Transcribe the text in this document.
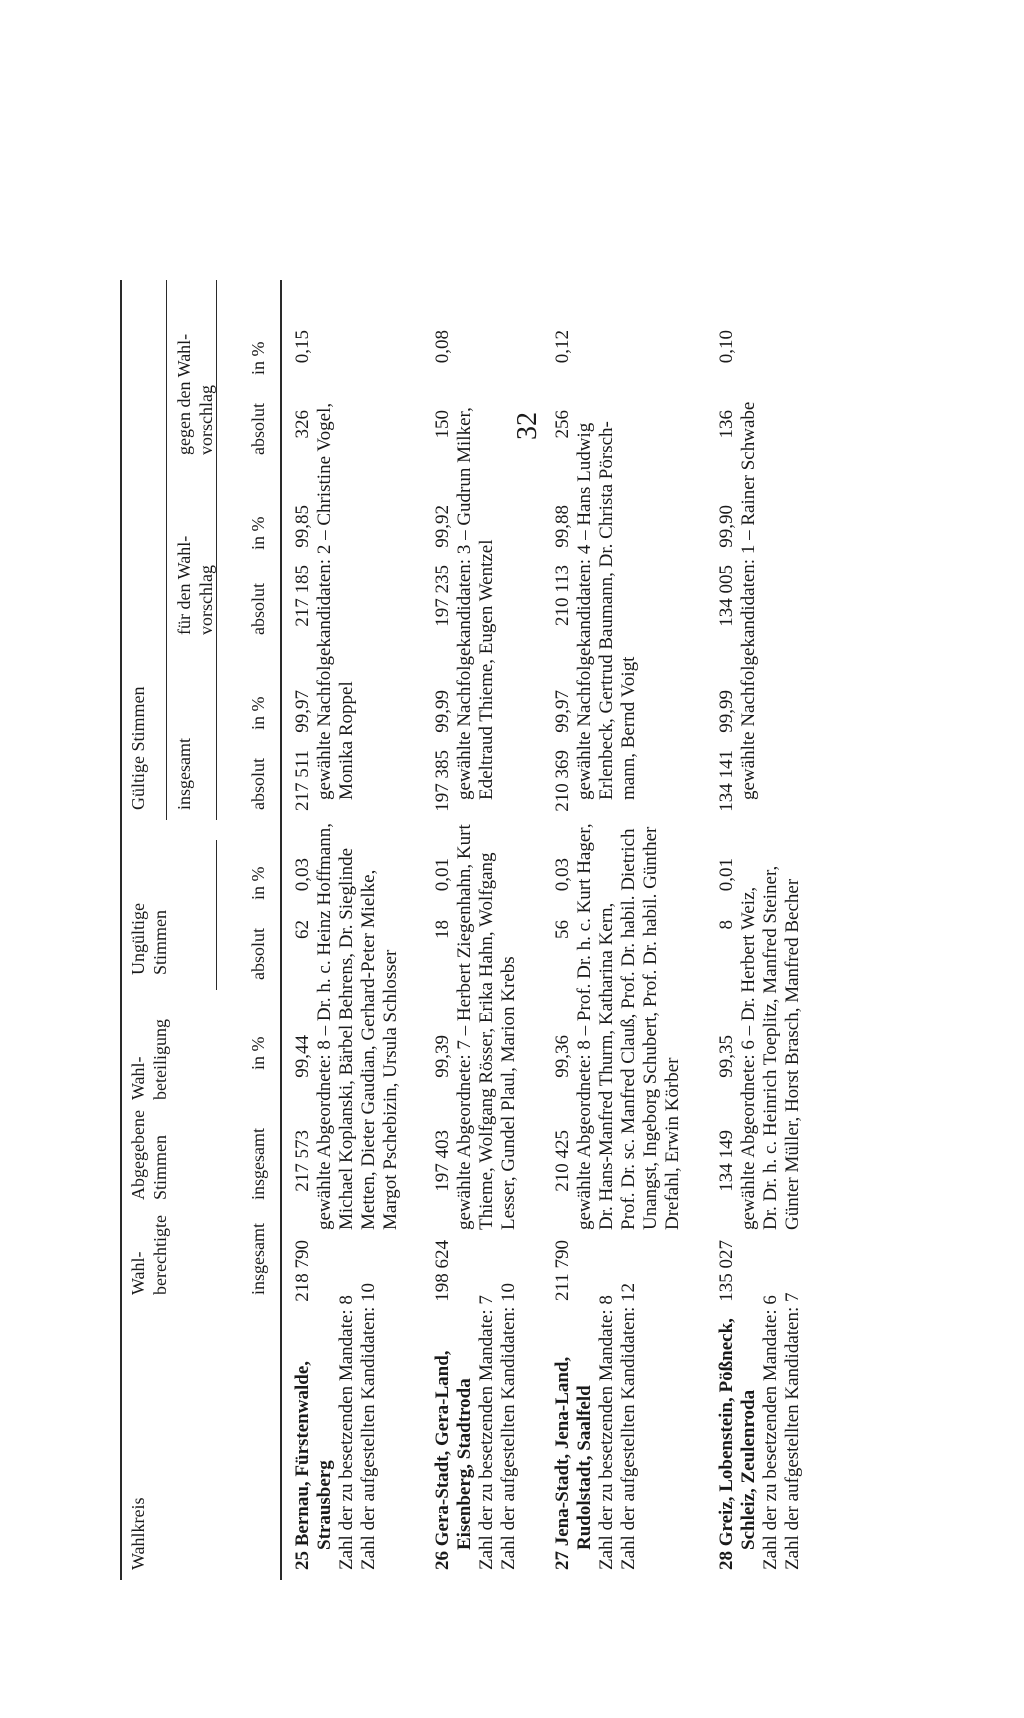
Wahlkreis
Wahl- berechtigte
Abgegebene Stimmen
Wahl- beteiligung
Ungültige Stimmen
Gültige Stimmen insgesamt
für den Wahl- vorschlag
gegen den Wahl- vorschlag
insgesamt
insgesamt
in %
absolut
in %
absolut
in %
absolut
in %
absolut
in %
32
25 Bernau, Fürstenwalde, Strausberg Zahl der zu besetzenden Mandate: 8 Zahl der aufgestellten Kandidaten: 10
218 790
217 573
99,44
62
0,03
217 511
99,97
217 185
99,85
326
0,15
gewählte Abgeordnete: 8 – Dr. h. c. Heinz Hoffmann, Michael Koplanski, Bärbel Behrens, Dr. Sieglinde Metten, Dieter Gaudian, Gerhard-Peter Mielke, Margot Pschebizin, Ursula Schlosser
gewählte Nachfolgekandidaten: 2 – Christine Vogel, Monika Roppel
26 Gera-Stadt, Gera-Land, Eisenberg, Stadtroda Zahl der zu besetzenden Mandate: 7 Zahl der aufgestellten Kandidaten: 10
198 624
197 403
99,39
18
0,01
197 385
99,99
197 235
99,92
150
0,08
gewählte Abgeordnete: 7 – Herbert Ziegenhahn, Kurt Thieme, Wolfgang Rösser, Erika Hahn, Wolfgang Lesser, Gundel Plaul, Marion Krebs
gewählte Nachfolgekandidaten: 3 – Gudrun Milker, Edeltraud Thieme, Eugen Wentzel
27 Jena-Stadt, Jena-Land, Rudolstadt, Saalfeld Zahl der zu besetzenden Mandate: 8 Zahl der aufgestellten Kandidaten: 12
211 790
210 425
99,36
56
0,03
210 369
99,97
210 113
99,88
256
0,12
gewählte Abgeordnete: 8 – Prof. Dr. h. c. Kurt Hager, Dr. Hans-Manfred Thurm, Katharina Kern, Prof. Dr. sc. Manfred Clauß, Prof. Dr. habil. Dietrich Unangst, Ingeborg Schubert, Prof. Dr. habil. Günther Drefahl, Erwin Körber
gewählte Nachfolgekandidaten: 4 – Hans Ludwig Erlenbeck, Gertrud Baumann, Dr. Christa Pörsch- mann, Bernd Voigt
28 Greiz, Lobenstein, Pößneck, Schleiz, Zeulenroda Zahl der zu besetzenden Mandate: 6 Zahl der aufgestellten Kandidaten: 7
135 027
134 149
99,35
8
0,01
134 141
99,99
134 005
99,90
136
0,10
gewählte Abgeordnete: 6 – Dr. Herbert Weiz, Dr. Dr. h. c. Heinrich Toeplitz, Manfred Steiner, Günter Müller, Horst Brasch, Manfred Becher
gewählte Nachfolgekandidaten: 1 – Rainer Schwabe
